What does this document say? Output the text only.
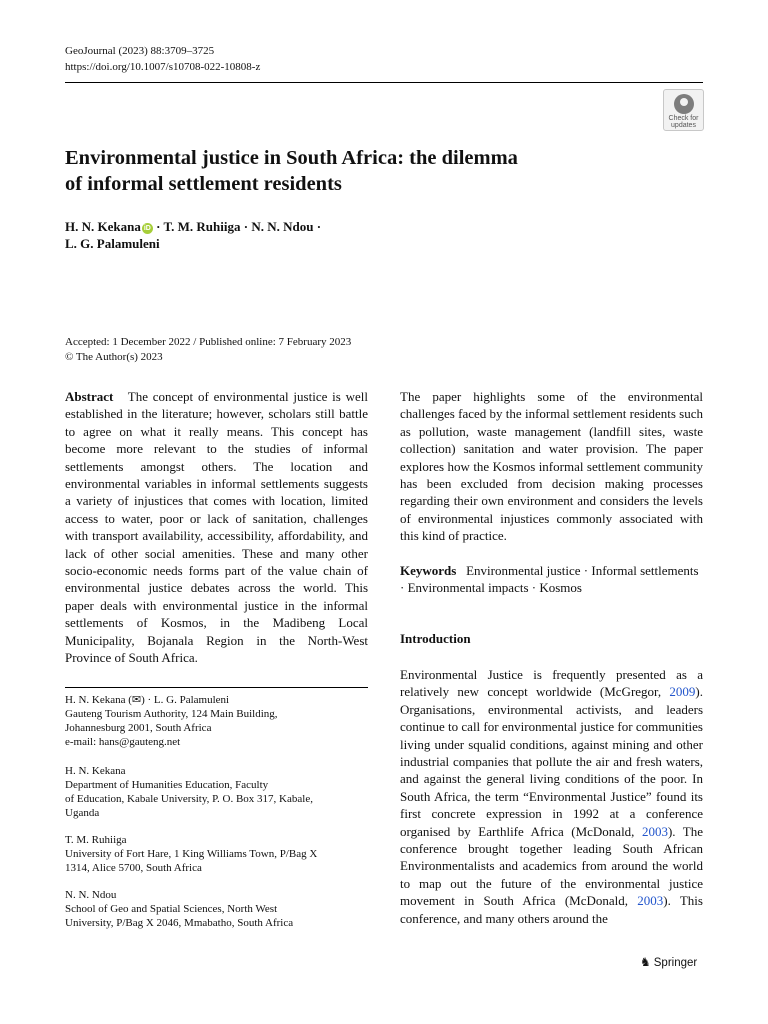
GeoJournal (2023) 88:3709–3725
https://doi.org/10.1007/s10708-022-10808-z
Check for
updates
Environmental justice in South Africa: the dilemma
of informal settlement residents
H. N. Kekana iD · T. M. Ruhiiga · N. N. Ndou ·
L. G. Palamuleni
Accepted: 1 December 2022 / Published online: 7 February 2023
© The Author(s) 2023
Abstract The concept of environmental justice is well established in the literature; however, scholars still battle to agree on what it really means. This concept has become more relevant to the studies of informal settlements amongst others. The location and environmental variables in informal settlements suggests a variety of injustices that comes with location, limited access to water, poor or lack of sanitation, challenges with transport availability, accessibility, affordability, and lack of other social amenities. These and many other socio-economic needs forms part of the value chain of environmental justice debates across the world. This paper deals with environmental justice in the informal settlements of Kosmos, in the Madibeng Local Municipality, Bojanala Region in the North-West Province of South Africa.
The paper highlights some of the environmental challenges faced by the informal settlement residents such as pollution, waste management (landfill sites, waste collection) sanitation and water provision. The paper explores how the Kosmos informal settlement community has been excluded from decision making processes regarding their own environment and considers the levels of environmental injustices commonly associated with this kind of practice.
Keywords Environmental justice · Informal settlements · Environmental impacts · Kosmos
Introduction
Environmental Justice is frequently presented as a relatively new concept worldwide (McGregor, 2009). Organisations, environmental activists, and leaders continue to call for environmental justice for communities living under squalid conditions, against mining and other industrial companies that pollute the air and fresh waters, and against the general living conditions of the poor. In South Africa, the term “Environmental Justice” found its first concrete expression in 1992 at a conference organised by Earthlife Africa (McDonald, 2003). The conference brought together leading South African Environmentalists and academics from around the world to map out the future of the environmental justice movement in South Africa (McDonald, 2003). This conference, and many others around the
H. N. Kekana (✉) · L. G. Palamuleni
Gauteng Tourism Authority, 124 Main Building,
Johannesburg 2001, South Africa
e-mail: hans@gauteng.net
H. N. Kekana
Department of Humanities Education, Faculty
of Education, Kabale University, P. O. Box 317, Kabale,
Uganda
T. M. Ruhiiga
University of Fort Hare, 1 King Williams Town, P/Bag X
1314, Alice 5700, South Africa
N. N. Ndou
School of Geo and Spatial Sciences, North West
University, P/Bag X 2046, Mmabatho, South Africa
♞ Springer
